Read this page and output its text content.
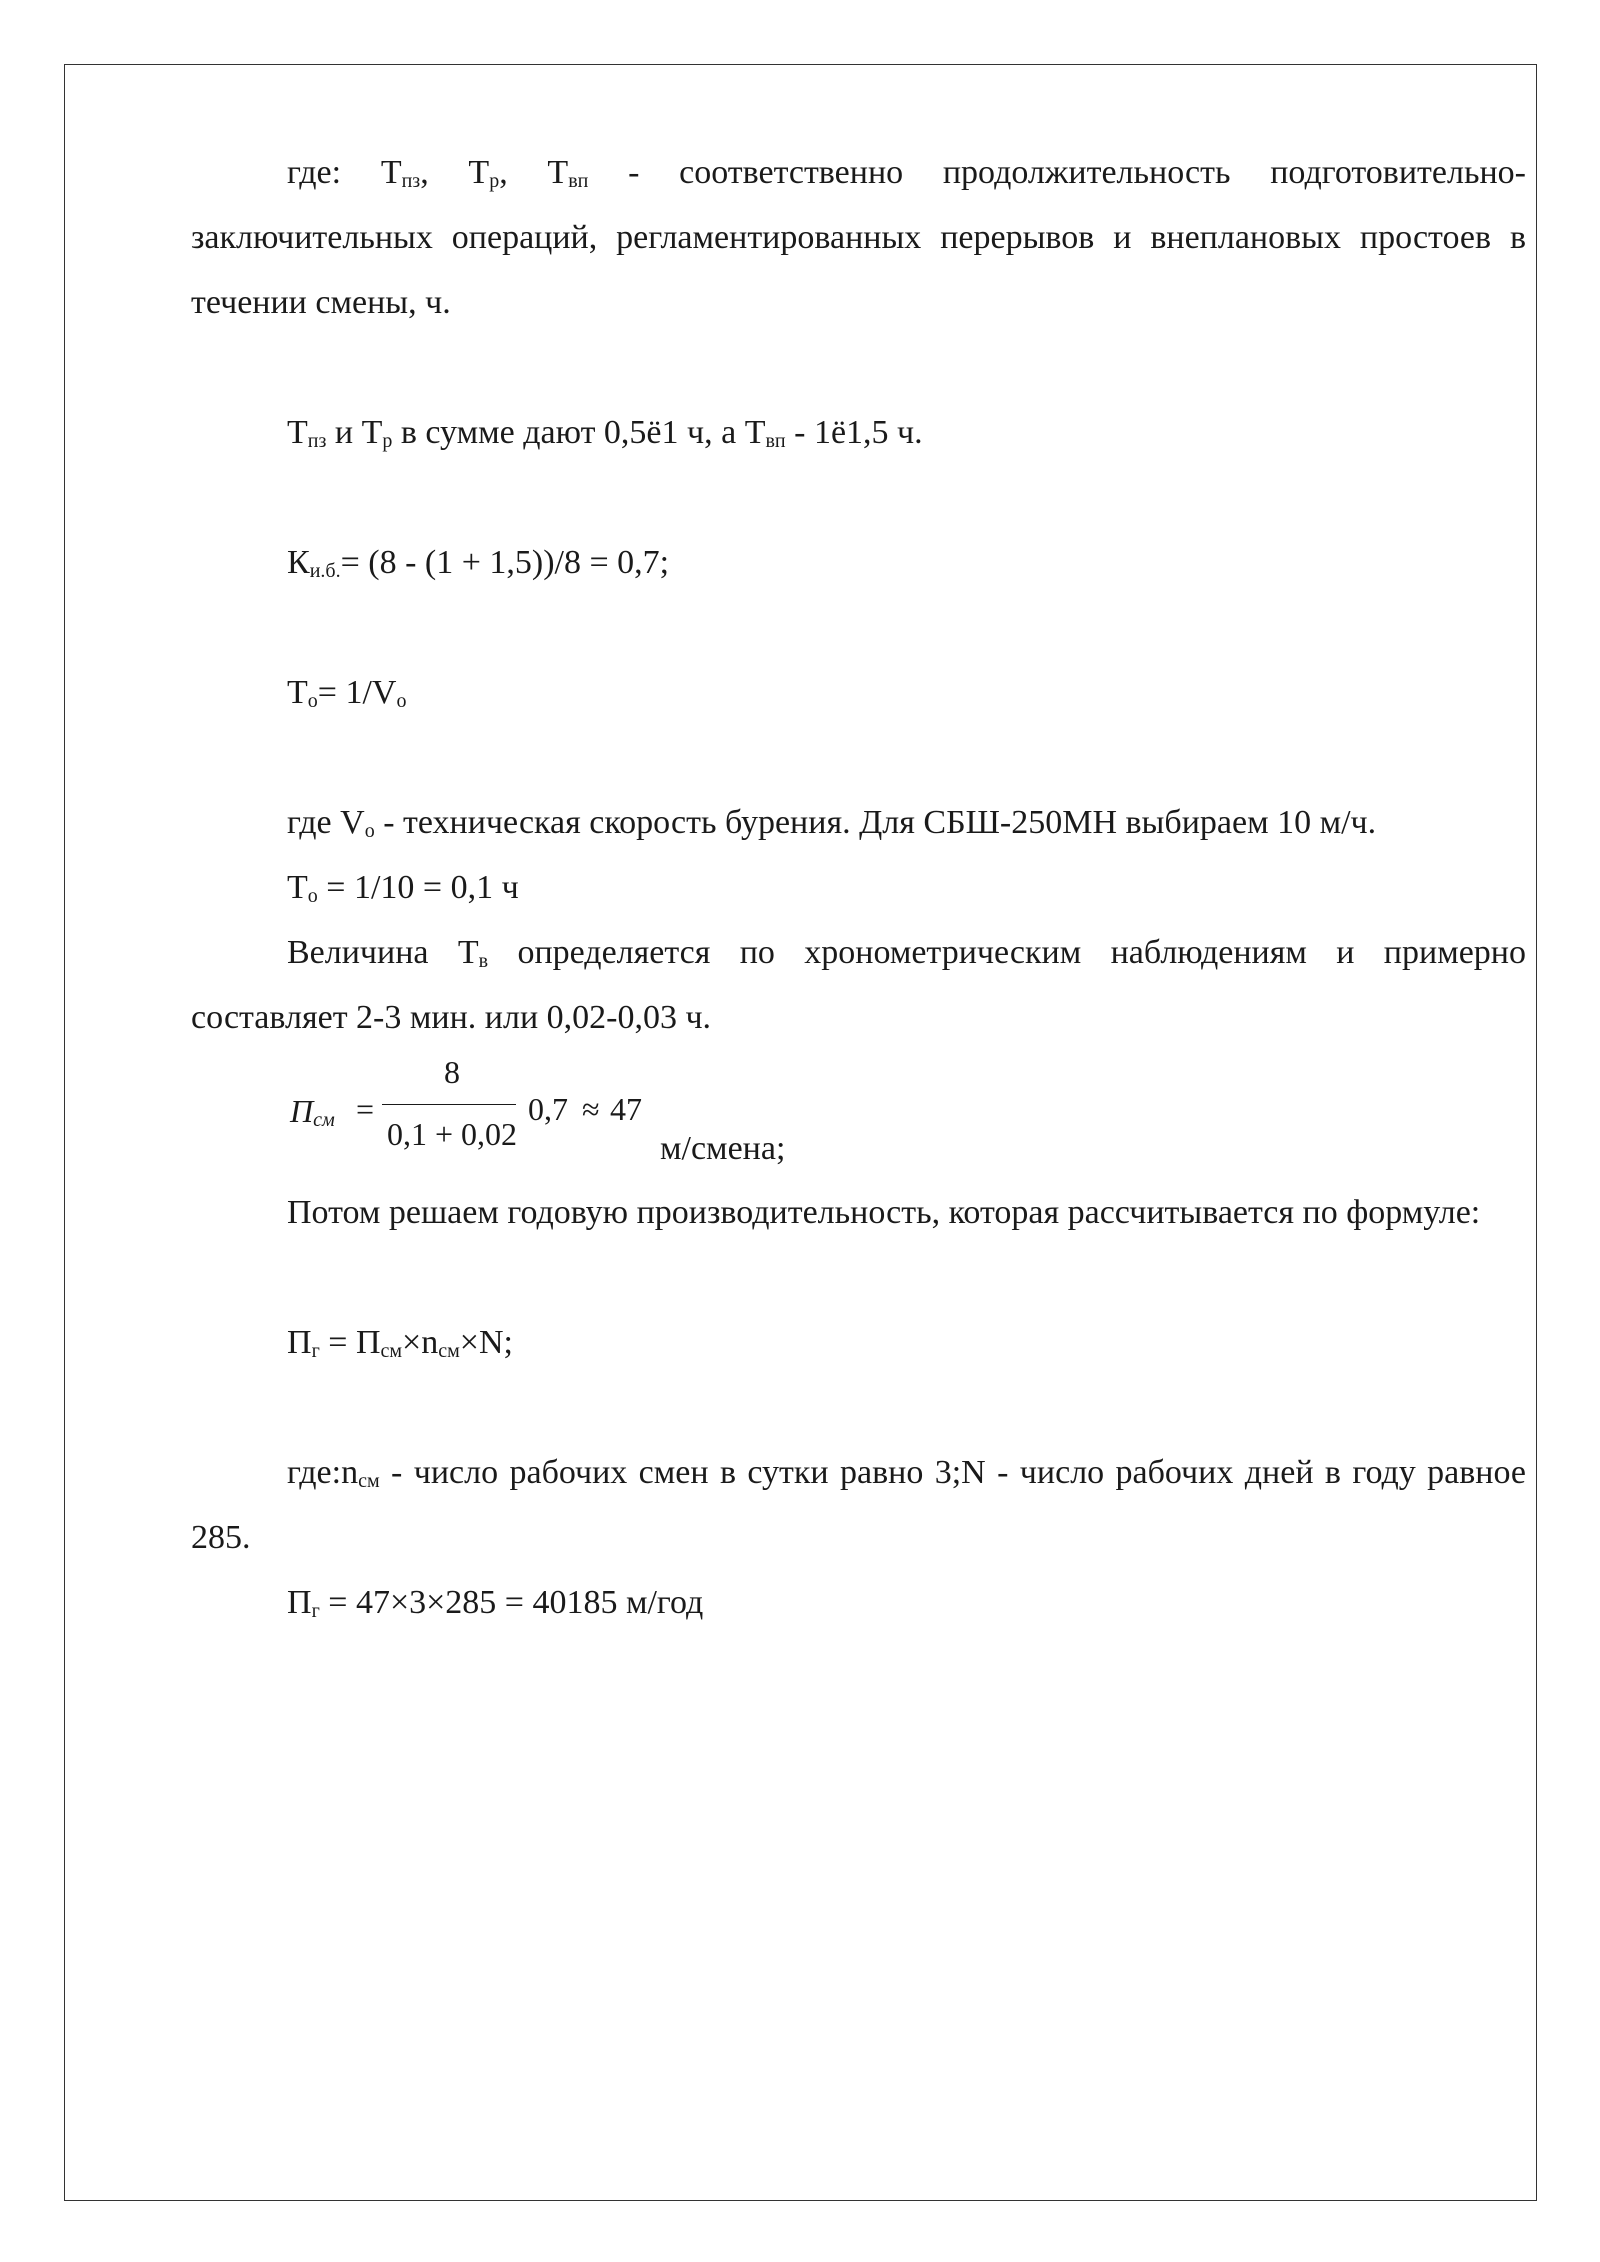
где: $Т_{пз}$, $Т_р$, $Т_{вп}$ - соответственно продолжительность подготовительно-заключительных операций, регламентированных перерывов и внеплановых простоев в течении смены, ч.

$Т_{пз}$ и $Т_р$ в сумме дают 0,5ё1 ч, а $Т_{вп} - 1ё1,5$ ч.

$К_{и.б.}= (8 - (1 + 1,5))/8 = 0,7$;

$Т_о= 1/V_о$

где $V_о$ - техническая скорость бурения. Для СБШ-250МН выбираем 10 м/ч.

$Т_о = 1/10 = 0,1$ ч

Величина $Т_в$ определяется по хронометрическим наблюдениям и примерно составляет 2-3 мин. или 0,02-0,03 ч.

$П_{см}$ =
8
0,1 + 0,02
0,7 ≈ 47
м/смена;

Потом решаем годовую производительность, которая рассчитывается по формуле:

$П_г = П_{см}\times n_{см}\times N$;

$где:n_{см}$ - число рабочих смен в сутки равно 3;N - число рабочих дней в году равное 285.

$П_г = 47\times 3\times 285 = 40185$ м/год
